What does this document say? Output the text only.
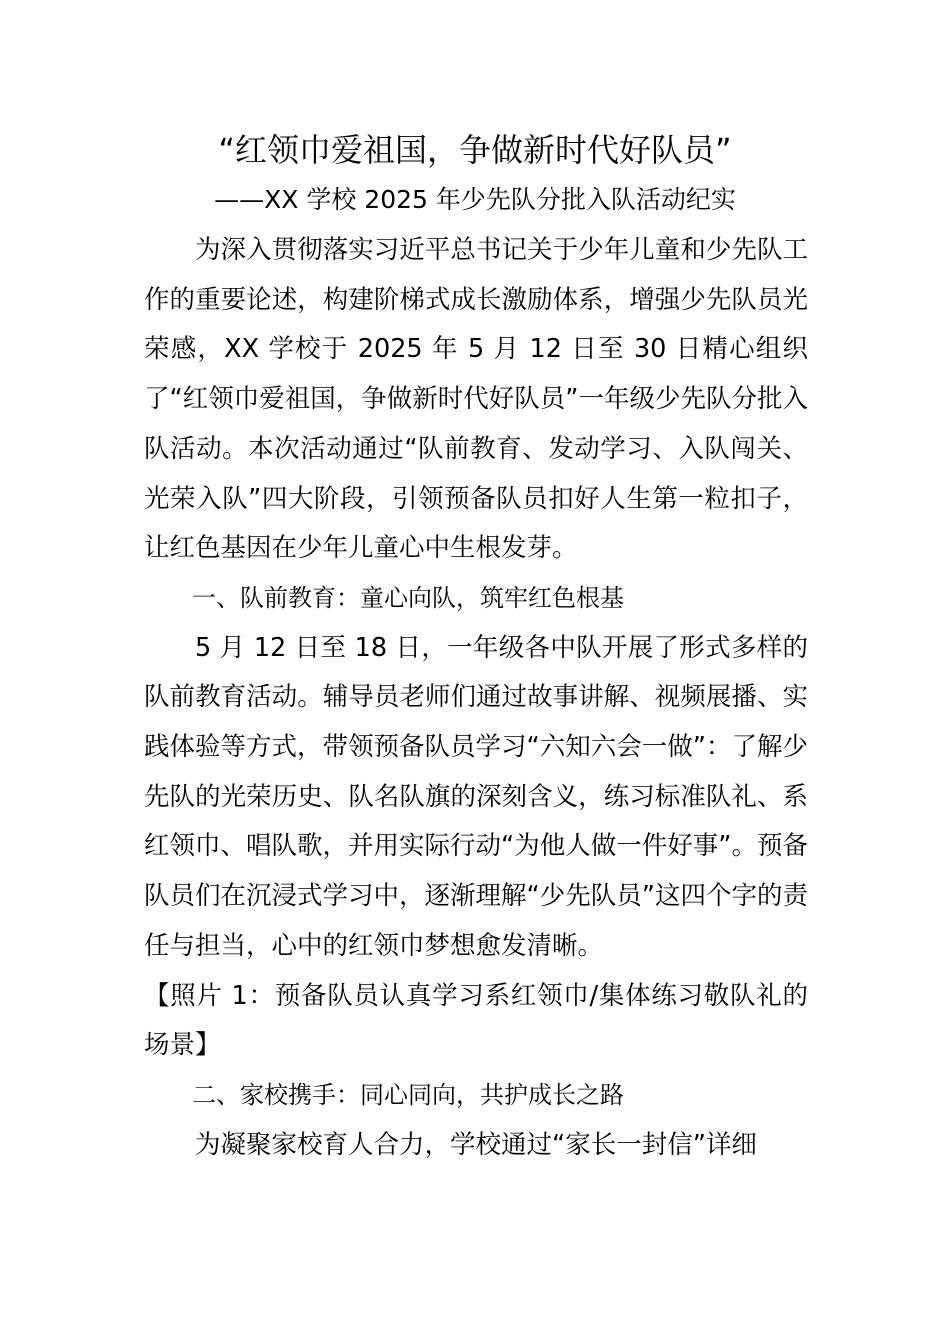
“红领巾爱祖国，争做新时代好队员”
——XX 学校 2025 年少先队分批入队活动纪实

为深入贯彻落实习近平总书记关于少年儿童和少先队工作的重要论述，构建阶梯式成长激励体系，增强少先队员光荣感，XX 学校于 2025 年 5 月 12 日至 30 日精心组织了“红领巾爱祖国，争做新时代好队员”一年级少先队分批入队活动。本次活动通过“队前教育、发动学习、入队闯关、光荣入队”四大阶段，引领预备队员扣好人生第一粒扣子，让红色基因在少年儿童心中生根发芽。

一、队前教育：童心向队，筑牢红色根基

5 月 12 日至 18 日，一年级各中队开展了形式多样的队前教育活动。辅导员老师们通过故事讲解、视频展播、实践体验等方式，带领预备队员学习“六知六会一做”：了解少先队的光荣历史、队名队旗的深刻含义，练习标准队礼、系红领巾、唱队歌，并用实际行动“为他人做一件好事”。预备队员们在沉浸式学习中，逐渐理解“少先队员”这四个字的责任与担当，心中的红领巾梦想愈发清晰。

【照片 1：预备队员认真学习系红领巾/集体练习敬队礼的场景】

二、家校携手：同心同向，共护成长之路

为凝聚家校育人合力，学校通过“家长一封信”详细
